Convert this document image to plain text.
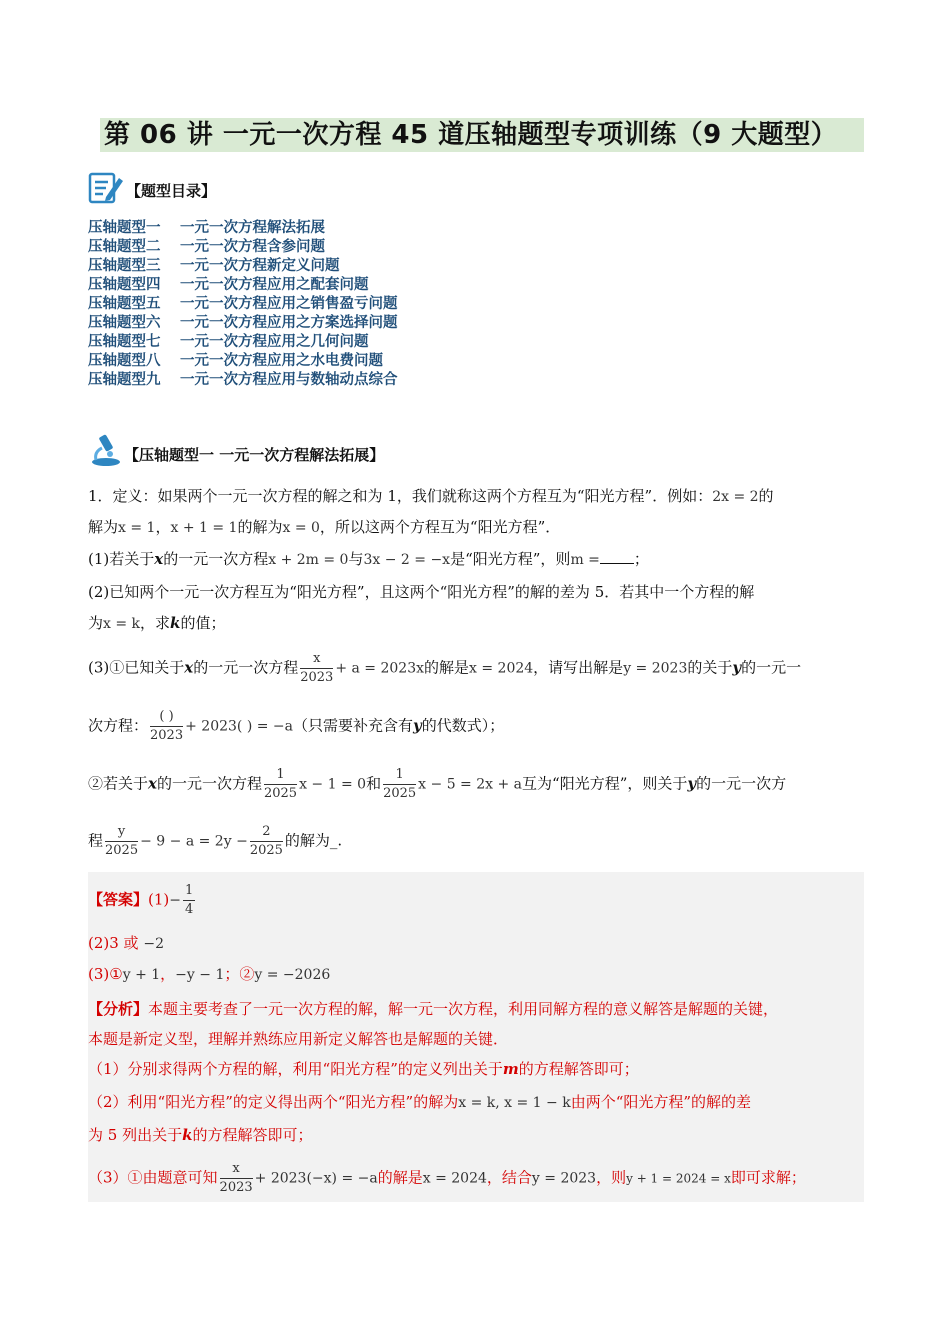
第 06 讲 一元一次方程 45 道压轴题型专项训练（9 大题型）
【题型目录】
压轴题型一 一元一次方程解法拓展
压轴题型二 一元一次方程含参问题
压轴题型三 一元一次方程新定义问题
压轴题型四 一元一次方程应用之配套问题
压轴题型五 一元一次方程应用之销售盈亏问题
压轴题型六 一元一次方程应用之方案选择问题
压轴题型七 一元一次方程应用之几何问题
压轴题型八 一元一次方程应用之水电费问题
压轴题型九 一元一次方程应用与数轴动点综合
【压轴题型一 一元一次方程解法拓展】
1．定义：如果两个一元一次方程的解之和为 1，我们就称这两个方程互为“阳光方程”．例如：2x = 2的
解为x = 1，x + 1 = 1的解为x = 0，所以这两个方程互为“阳光方程”．
(1)若关于x的一元一次方程x + 2m = 0与3x − 2 = −x是“阳光方程”，则m = ；
(2)已知两个一元一次方程互为“阳光方程”，且这两个“阳光方程”的解的差为 5．若其中一个方程的解
为x = k，求k的值；
(3)①已知关于x的一元一次方程 $\frac{x}{2023} + a = 2023x$的解是x = 2024，请写出解是y = 2023的关于y的一元一
次方程： $\frac{( )}{2023} + 2023$( ) = −a（只需要补充含有y的代数式）；
②若关于x的一元一次方程 $\frac{1}{2025}$ x − 1 = 0和 $\frac{1}{2025}$ x − 5 = 2x + a互为“阳光方程”，则关于y的一元一次方
程 $\frac{y}{2025} - 9 - a = 2y - \frac{2}{2025}$ 的解为_.
【答案】$(1)- \frac{1}{4}$
(2)3 或 −2
(3)①y + 1，−y − 1；②y = −2026
【分析】本题主要考查了一元一次方程的解，解一元一次方程，利用同解方程的意义解答是解题的关键，
本题是新定义型，理解并熟练应用新定义解答也是解题的关键．
（1）分别求得两个方程的解，利用“阳光方程”的定义列出关于m的方程解答即可；
（2）利用“阳光方程”的定义得出两个“阳光方程”的解为x = k, x = 1 − k由两个“阳光方程”的解的差
为 5 列出关于k的方程解答即可；
（3）①由题意可知 $\frac{x}{2023} + 2023(-x) = -a$的解是x = 2024，结合y = 2023，则y + 1 = 2024 = x即可求解；
